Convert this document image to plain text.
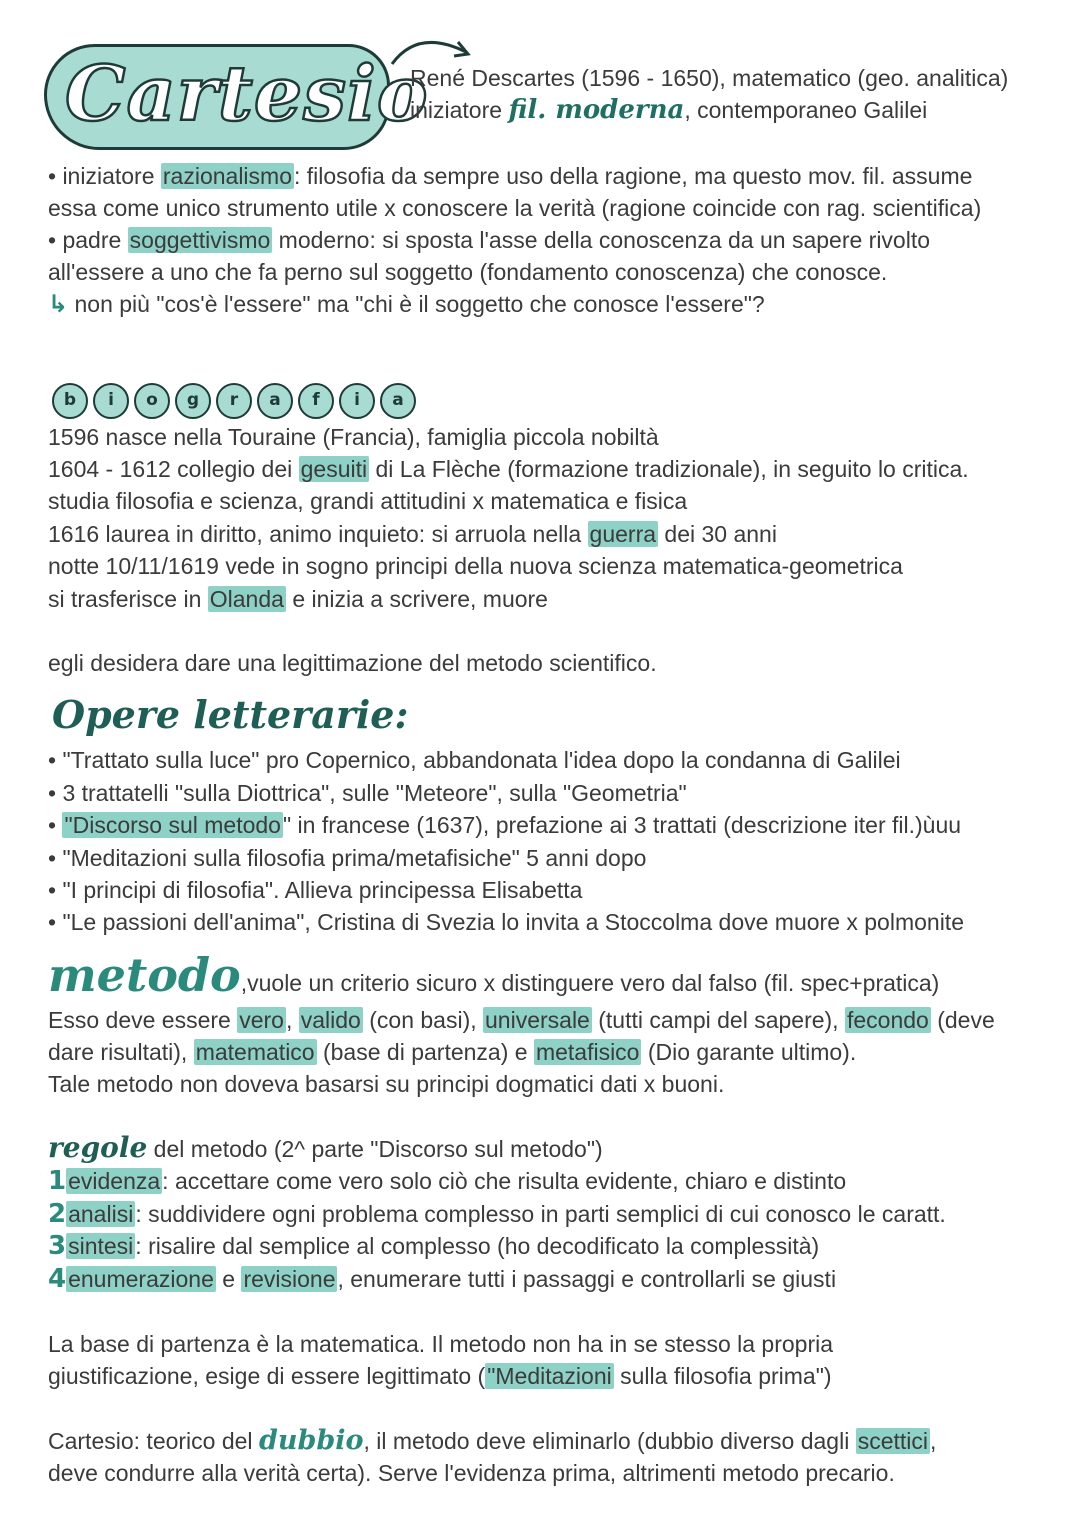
Cartesio
René Descartes (1596 - 1650), matematico (geo. analitica)
iniziatore fil. moderna, contemporaneo Galilei
• iniziatore razionalismo: filosofia da sempre uso della ragione, ma questo mov. fil. assume
essa come unico strumento utile x conoscere la verità (ragione coincide con rag. scientifica)
• padre soggettivismo moderno: si sposta l'asse della conoscenza da un sapere rivolto
all'essere a uno che fa perno sul soggetto (fondamento conoscenza) che conosce.
↳ non più "cos'è l'essere" ma "chi è il soggetto che conosce l'essere"?
b	i	o	g	r	a	f	i	a
1596 nasce nella Touraine (Francia), famiglia piccola nobiltà
1604 - 1612 collegio dei gesuiti di La Flèche (formazione tradizionale), in seguito lo critica.
studia filosofia e scienza, grandi attitudini x matematica e fisica
1616 laurea in diritto, animo inquieto: si arruola nella guerra dei 30 anni
notte 10/11/1619 vede in sogno principi della nuova scienza matematica-geometrica
si trasferisce in Olanda e inizia a scrivere, muore
egli desidera dare una legittimazione del metodo scientifico.
Opere letterarie:
• "Trattato sulla luce" pro Copernico, abbandonata l'idea dopo la condanna di Galilei
• 3 trattatelli "sulla Diottrica", sulle "Meteore", sulla "Geometria"
• "Discorso sul metodo" in francese (1637), prefazione ai 3 trattati (descrizione iter fil.)ùuu
• "Meditazioni sulla filosofia prima/metafisiche" 5 anni dopo
• "I principi di filosofia". Allieva principessa Elisabetta
• "Le passioni dell'anima", Cristina di Svezia lo invita a Stoccolma dove muore x polmonite
metodo,vuole un criterio sicuro x distinguere vero dal falso (fil. spec+pratica)
Esso deve essere vero, valido (con basi), universale (tutti campi del sapere), fecondo (deve
dare risultati), matematico (base di partenza) e metafisico (Dio garante ultimo).
Tale metodo non doveva basarsi su principi dogmatici dati x buoni.
regole del metodo (2^ parte "Discorso sul metodo")
1evidenza: accettare come vero solo ciò che risulta evidente, chiaro e distinto
2analisi: suddividere ogni problema complesso in parti semplici di cui conosco le caratt.
3sintesi: risalire dal semplice al complesso (ho decodificato la complessità)
4enumerazione e revisione, enumerare tutti i passaggi e controllarli se giusti
La base di partenza è la matematica. Il metodo non ha in se stesso la propria
giustificazione, esige di essere legittimato ("Meditazioni sulla filosofia prima")
Cartesio: teorico del dubbio, il metodo deve eliminarlo (dubbio diverso dagli scettici,
deve condurre alla verità certa). Serve l'evidenza prima, altrimenti metodo precario.
